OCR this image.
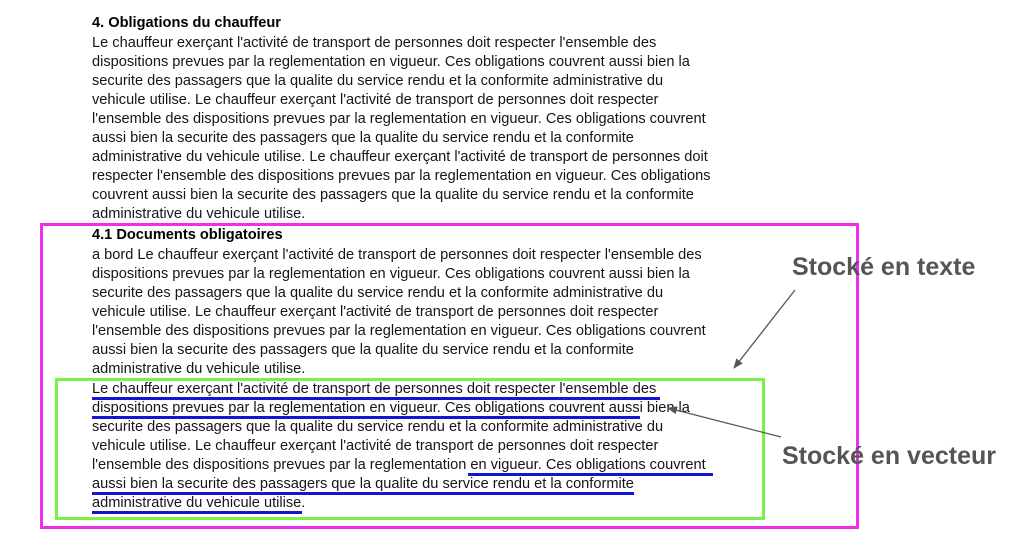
4. Obligations du chauffeur

Le chauffeur exerçant l'activité de transport de personnes doit respecter l'ensemble des

dispositions prevues par la reglementation en vigueur. Ces obligations couvrent aussi bien la

securite des passagers que la qualite du service rendu et la conformite administrative du

vehicule utilise. Le chauffeur exerçant l'activité de transport de personnes doit respecter

l'ensemble des dispositions prevues par la reglementation en vigueur. Ces obligations couvrent

aussi bien la securite des passagers que la qualite du service rendu et la conformite

administrative du vehicule utilise. Le chauffeur exerçant l'activité de transport de personnes doit

respecter l'ensemble des dispositions prevues par la reglementation en vigueur. Ces obligations

couvrent aussi bien la securite des passagers que la qualite du service rendu et la conformite

administrative du vehicule utilise.

4.1 Documents obligatoires

a bord Le chauffeur exerçant l'activité de transport de personnes doit respecter l'ensemble des

dispositions prevues par la reglementation en vigueur. Ces obligations couvrent aussi bien la

securite des passagers que la qualite du service rendu et la conformite administrative du

vehicule utilise. Le chauffeur exerçant l'activité de transport de personnes doit respecter

l'ensemble des dispositions prevues par la reglementation en vigueur. Ces obligations couvrent

aussi bien la securite des passagers que la qualite du service rendu et la conformite

administrative du vehicule utilise.

Le chauffeur exerçant l'activité de transport de personnes doit respecter l'ensemble des

dispositions prevues par la reglementation en vigueur. Ces obligations couvrent aussi bien la

securite des passagers que la qualite du service rendu et la conformite administrative du

vehicule utilise. Le chauffeur exerçant l'activité de transport de personnes doit respecter

l'ensemble des dispositions prevues par la reglementation en vigueur. Ces obligations couvrent

aussi bien la securite des passagers que la qualite du service rendu et la conformite

administrative du vehicule utilise.

Stocké en texte

Stocké en vecteur
